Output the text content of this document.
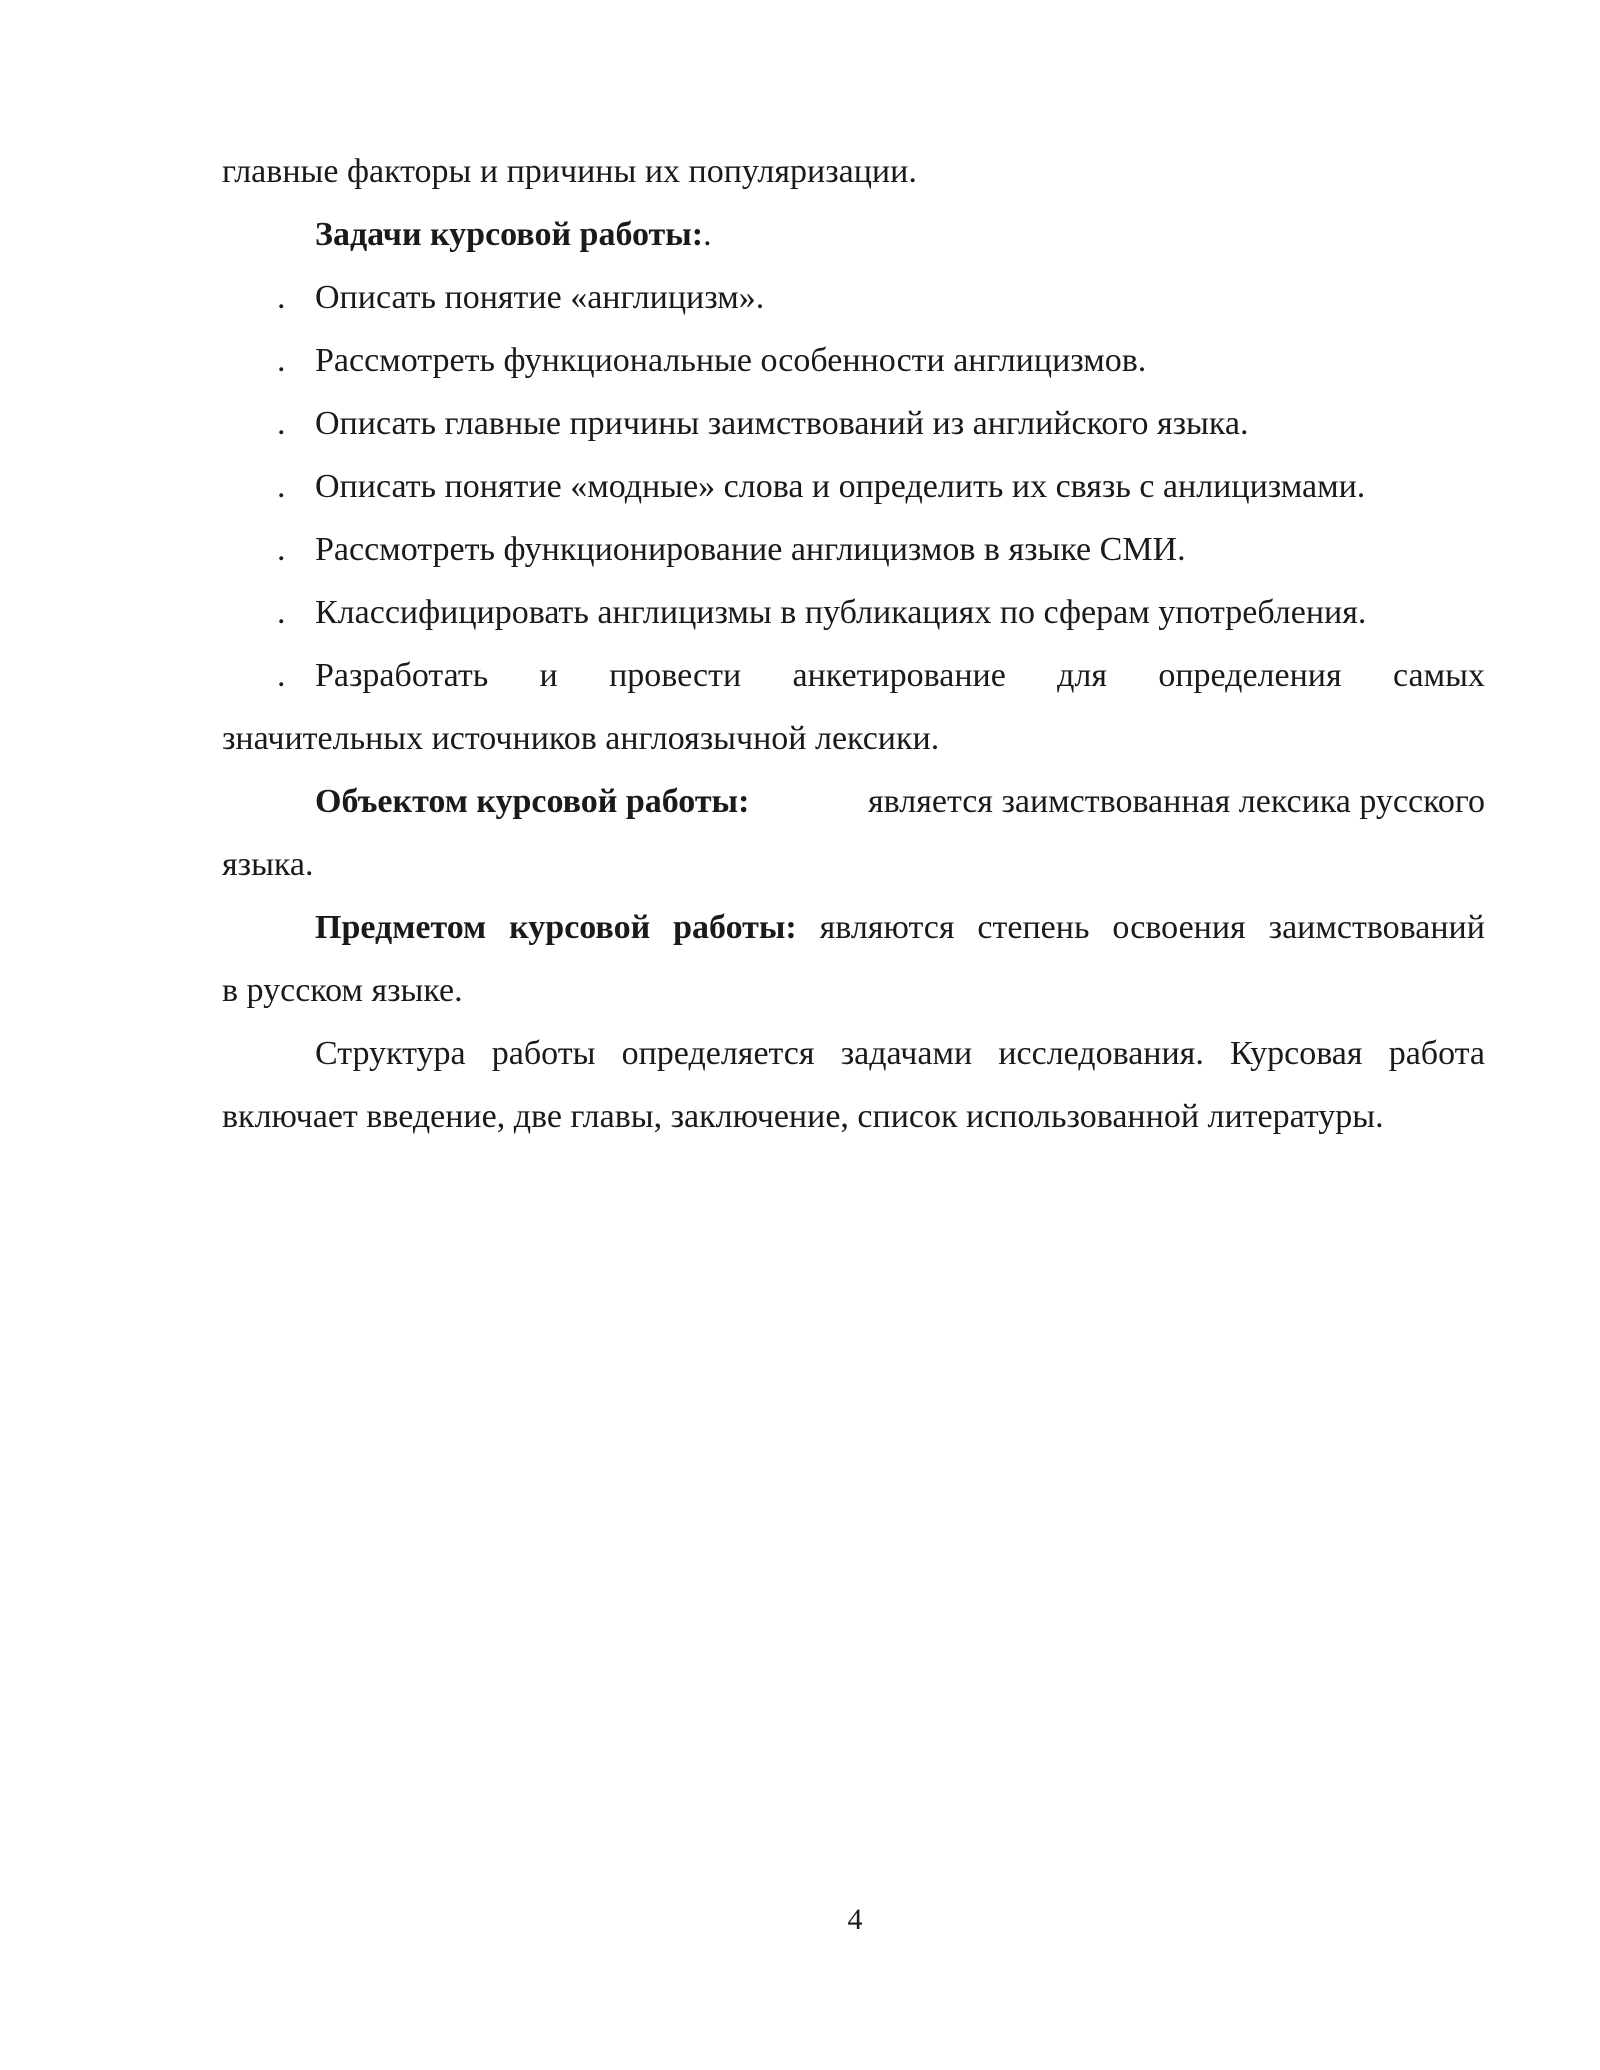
главные факторы и причины их популяризации.
Задачи курсовой работы:.
. Описать понятие «англицизм».
. Рассмотреть функциональные особенности англицизмов.
. Описать главные причины заимствований из английского языка.
. Описать понятие «модные» слова и определить их связь с анлицизмами.
. Рассмотреть функционирование англицизмов в языке СМИ.
. Классифицировать англицизмы в публикациях по сферам употребления.
. Разработать и провести анкетирование для определения самых
значительных источников англоязычной лексики.
Объектом курсовой работы:	является заимствованная лексика русского
языка.
Предметом курсовой работы: являются степень освоения заимствований
в русском языке.
Структура работы определяется задачами исследования. Курсовая работа
включает введение, две главы, заключение, список использованной литературы.
4
